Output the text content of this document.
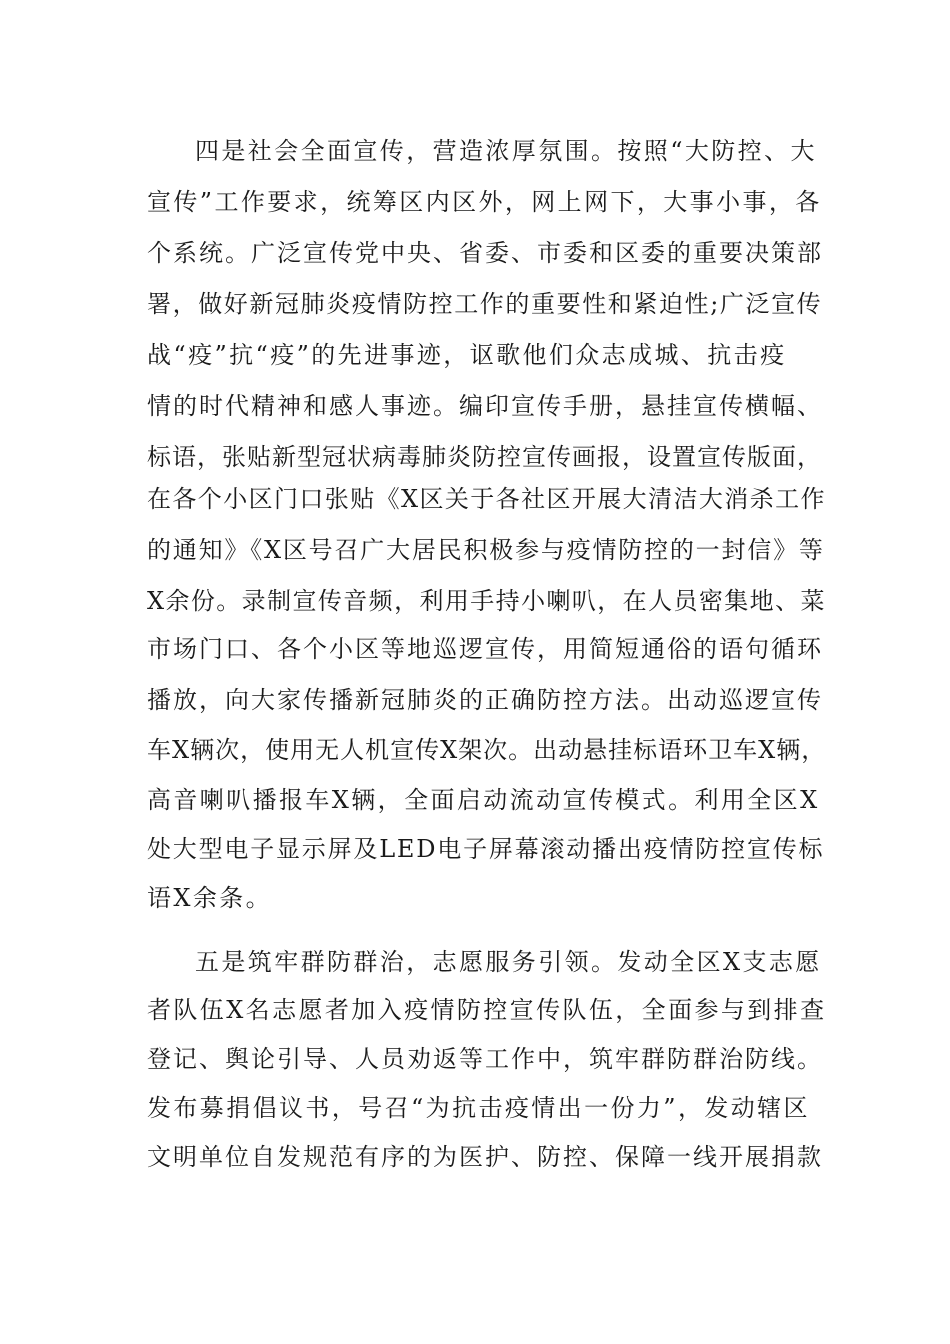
四是社会全面宣传，营造浓厚氛围。按照“大防控、大
宣传”工作要求，统筹区内区外，网上网下，大事小事，各
个系统。广泛宣传党中央、省委、市委和区委的重要决策部
署，做好新冠肺炎疫情防控工作的重要性和紧迫性;广泛宣传
战“疫”抗“疫”的先进事迹，讴歌他们众志成城、抗击疫
情的时代精神和感人事迹。编印宣传手册，悬挂宣传横幅、
标语，张贴新型冠状病毒肺炎防控宣传画报，设置宣传版面，
在各个小区门口张贴《X区关于各社区开展大清洁大消杀工作
的通知》《X区号召广大居民积极参与疫情防控的一封信》等
X余份。录制宣传音频，利用手持小喇叭，在人员密集地、菜
市场门口、各个小区等地巡逻宣传，用简短通俗的语句循环
播放，向大家传播新冠肺炎的正确防控方法。出动巡逻宣传
车X辆次，使用无人机宣传X架次。出动悬挂标语环卫车X辆，
高音喇叭播报车X辆，全面启动流动宣传模式。利用全区X
处大型电子显示屏及LED电子屏幕滚动播出疫情防控宣传标
语X余条。
五是筑牢群防群治，志愿服务引领。发动全区X支志愿
者队伍X名志愿者加入疫情防控宣传队伍，全面参与到排查
登记、舆论引导、人员劝返等工作中，筑牢群防群治防线。
发布募捐倡议书，号召“为抗击疫情出一份力”，发动辖区
文明单位自发规范有序的为医护、防控、保障一线开展捐款
